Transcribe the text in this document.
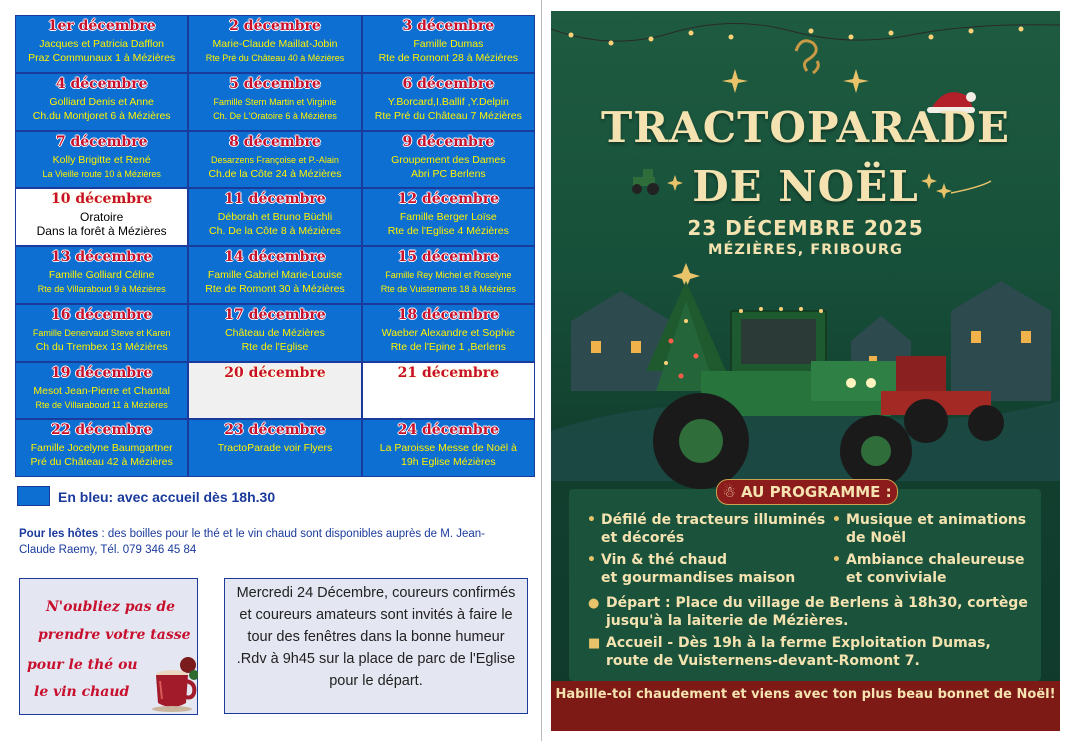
1er décembre
Jacques et Patricia Dafflon
Praz Communaux 1 à Mézières
2 décembre
Marie-Claude Maillat-Jobin
Rte Pré du Château 40 à Mézières
3 décembre
Famille Dumas
Rte de Romont 28 à Mézières
4 décembre
Golliard Denis et Anne
Ch.du Montjoret 6 à Mézières
5 décembre
Famille Stern Martin et Virginie
Ch. De L'Oratoire 6 à Mézières
6 décembre
Y.Borcard,I.Ballif ,Y.Delpin
Rte Pré du Château 7 Mézières
7 décembre
Kolly Brigitte et René
La Vieille route 10 à Mézières
8 décembre
Desarzens Françoise et P.-Alain
Ch.de la Côte 24 à Mézières
9 décembre
Groupement des Dames
Abri PC Berlens
10 décembre
Oratoire
Dans la forêt à Mézières
11 décembre
Déborah et Bruno Büchli
Ch. De la Côte 8 à Mézières
12 décembre
Famille Berger Loïse
Rte de l'Eglise 4 Mézières
13 décembre
Famille Golliard Céline
Rte de Villaraboud 9 à Mézières
14 décembre
Famille Gabriel Marie-Louise
Rte de Romont 30 à Mézières
15 décembre
Famille Rey Michel et Roselyne
Rte de Vuisternens 18 à Mézières
16 décembre
Famille Denervaud Steve et Karen
Ch du Trembex 13 Mézières
17 décembre
Château de Mézières
Rte de l'Eglise
18 décembre
Waeber Alexandre et Sophie
Rte de l'Epine 1 ,Berlens
19 décembre
Mesot Jean-Pierre et Chantal
Rte de Villaraboud 11 à Mézières
20 décembre	21 décembre
22 décembre
Famille Jocelyne Baumgartner
Pré du Château 42 à Mézières
23 décembre
TractoParade voir Flyers
24 décembre
La Paroisse Messe de Noël à
19h Eglise Mézières
En bleu: avec accueil dès 18h.30
Pour les hôtes : des boilles pour le thé et le vin chaud sont disponibles auprès de M. Jean-Claude Raemy, Tél. 079 346 45 84
N'oubliez pas de
prendre votre tasse
pour le thé ou
le vin chaud
Mercredi 24 Décembre, coureurs confirmés et coureurs amateurs sont invités à faire le tour des fenêtres dans la bonne humeur .Rdv à 9h45 sur la place de parc de l'Eglise pour le départ.
TRACTOPARADE
DE NOËL
23 DÉCEMBRE 2025
MÉZIÈRES, FRIBOURG
☃ AU PROGRAMME :
• Défilé de tracteurs illuminés
et décorés
• Musique et animations
de Noël
• Vin & thé chaud
et gourmandises maison
• Ambiance chaleureuse
et conviviale
● Départ : Place du village de Berlens à 18h30, cortège
jusqu'à la laiterie de Mézières.
■ Accueil - Dès 19h à la ferme Exploitation Dumas,
route de Vuisternens-devant-Romont 7.
Habille-toi chaudement et viens avec ton plus beau bonnet de Noël!
